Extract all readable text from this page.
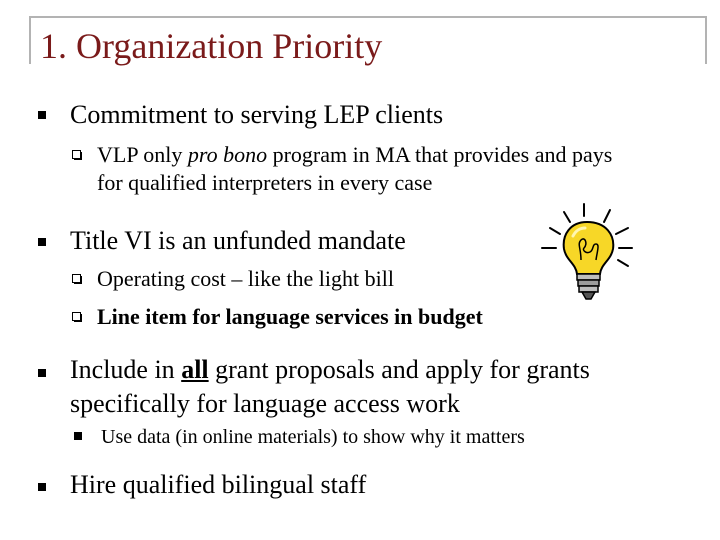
1. Organization Priority
Commitment to serving LEP clients
VLP only pro bono program in MA that provides and pays
for qualified interpreters in every case
Title VI is an unfunded mandate
Operating cost – like the light bill
Line item for language services in budget
Include in all grant proposals and apply for grants
specifically for language access work
Use data (in online materials) to show why it matters
Hire qualified bilingual staff
